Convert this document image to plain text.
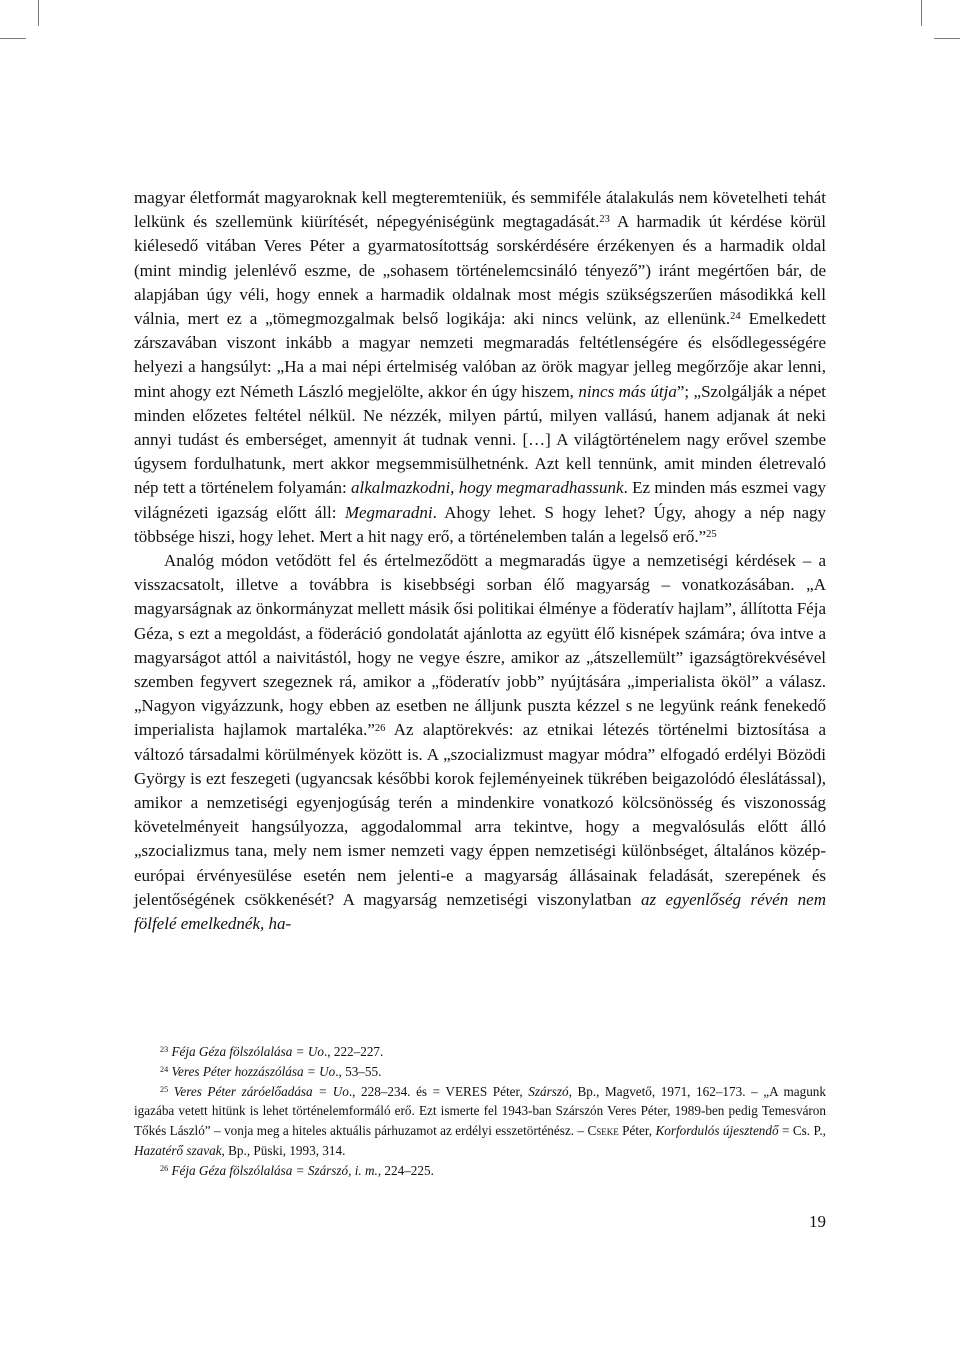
magyar életformát magyaroknak kell megteremteniük, és semmiféle átalakulás nem követelheti tehát lelkünk és szellemünk kiürítését, népegyéniségünk megtagadását.$^{23}$ A harmadik út kérdése körül kiélesedő vitában Veres Péter a gyarmatosítottság sorskérdésére érzékenyen és a harmadik oldal (mint mindig jelenlévő eszme, de „sohasem történelemcsináló tényező”) iránt megértően bár, de alapjában úgy véli, hogy ennek a harmadik oldalnak most mégis szükségszerűen másodikká kell válnia, mert ez a „tömegmozgalmak belső logikája: aki nincs velünk, az ellenünk.$^{24}$ Emelkedett zárszavában viszont inkább a magyar nemzeti megmaradás feltétlenségére és elsődlegességére helyezi a hangsúlyt: „Ha a mai népi értelmiség valóban az örök magyar jelleg megőrzője akar lenni, mint ahogy ezt Németh László megjelölte, akkor én úgy hiszem, nincs más útja”; „Szolgálják a népet minden előzetes feltétel nélkül. Ne nézzék, milyen pártú, milyen vallású, hanem adjanak át neki annyi tudást és emberséget, amennyit át tudnak venni. […] A világtörténelem nagy erővel szembe úgysem fordulhatunk, mert akkor megsemmisülhetnénk. Azt kell tennünk, amit minden életrevaló nép tett a történelem folyamán: alkalmazkodni, hogy megmaradhassunk. Ez minden más eszmei vagy világnézeti igazság előtt áll: Megmaradni. Ahogy lehet. S hogy lehet? Úgy, ahogy a nép nagy többsége hiszi, hogy lehet. Mert a hit nagy erő, a történelemben talán a legelső erő.”$^{25}$

Analóg módon vetődött fel és értelmeződött a megmaradás ügye a nemzetiségi kérdések – a visszacsatolt, illetve a továbbra is kisebbségi sorban élő magyarság – vonatkozásában. „A magyarságnak az önkormányzat mellett másik ősi politikai élménye a föderatív hajlam”, állította Féja Géza, s ezt a megoldást, a föderáció gondolatát ajánlotta az együtt élő kisnépek számára; óva intve a magyarságot attól a naivitástól, hogy ne vegye észre, amikor az „átszellemült” igazságtörekvésével szemben fegyvert szegeznek rá, amikor a „föderatív jobb” nyújtására „imperialista ököl” a válasz. „Nagyon vigyázzunk, hogy ebben az esetben ne álljunk puszta kézzel s ne legyünk reánk fenekedő imperialista hajlamok martaléka.”$^{26}$ Az alaptörekvés: az etnikai létezés történelmi biztosítása a változó társadalmi körülmények között is. A „szocializmust magyar módra” elfogadó erdélyi Bözödi György is ezt feszegeti (ugyancsak későbbi korok fejleményeinek tükrében beigazolódó éleslátással), amikor a nemzetiségi egyenjogúság terén a mindenkire vonatkozó kölcsönösség és viszonosság követelményeit hangsúlyozza, aggodalommal arra tekintve, hogy a megvalósulás előtt álló „szocializmus tana, mely nem ismer nemzeti vagy éppen nemzetiségi különbséget, általános közép-európai érvényesülése esetén nem jelenti-e a magyarság állásainak feladását, szerepének és jelentőségének csökkenését? A magyarság nemzetiségi viszonylatban az egyenlőség révén nem fölfelé emelkednék, ha-

$^{23}$ Féja Géza fölszólalása = Uo., 222–227.

$^{24}$ Veres Péter hozzászólása = Uo., 53–55.

$^{25}$ Veres Péter záróelőadása = Uo., 228–234. és = VERES Péter, Szárszó, Bp., Magvető, 1971, 162–173. – „A magunk igazába vetett hitünk is lehet történelemformáló erő. Ezt ismerte fel 1943-ban Szárszón Veres Péter, 1989-ben pedig Temesváron Tőkés László” – vonja meg a hiteles aktuális párhuzamot az erdélyi esszetörténész. – Cseke Péter, Korfordulós újesztendő = Cs. P., Hazatérő szavak, Bp., Püski, 1993, 314.

$^{26}$ Féja Géza fölszólalása = Szárszó, i. m., 224–225.

19
